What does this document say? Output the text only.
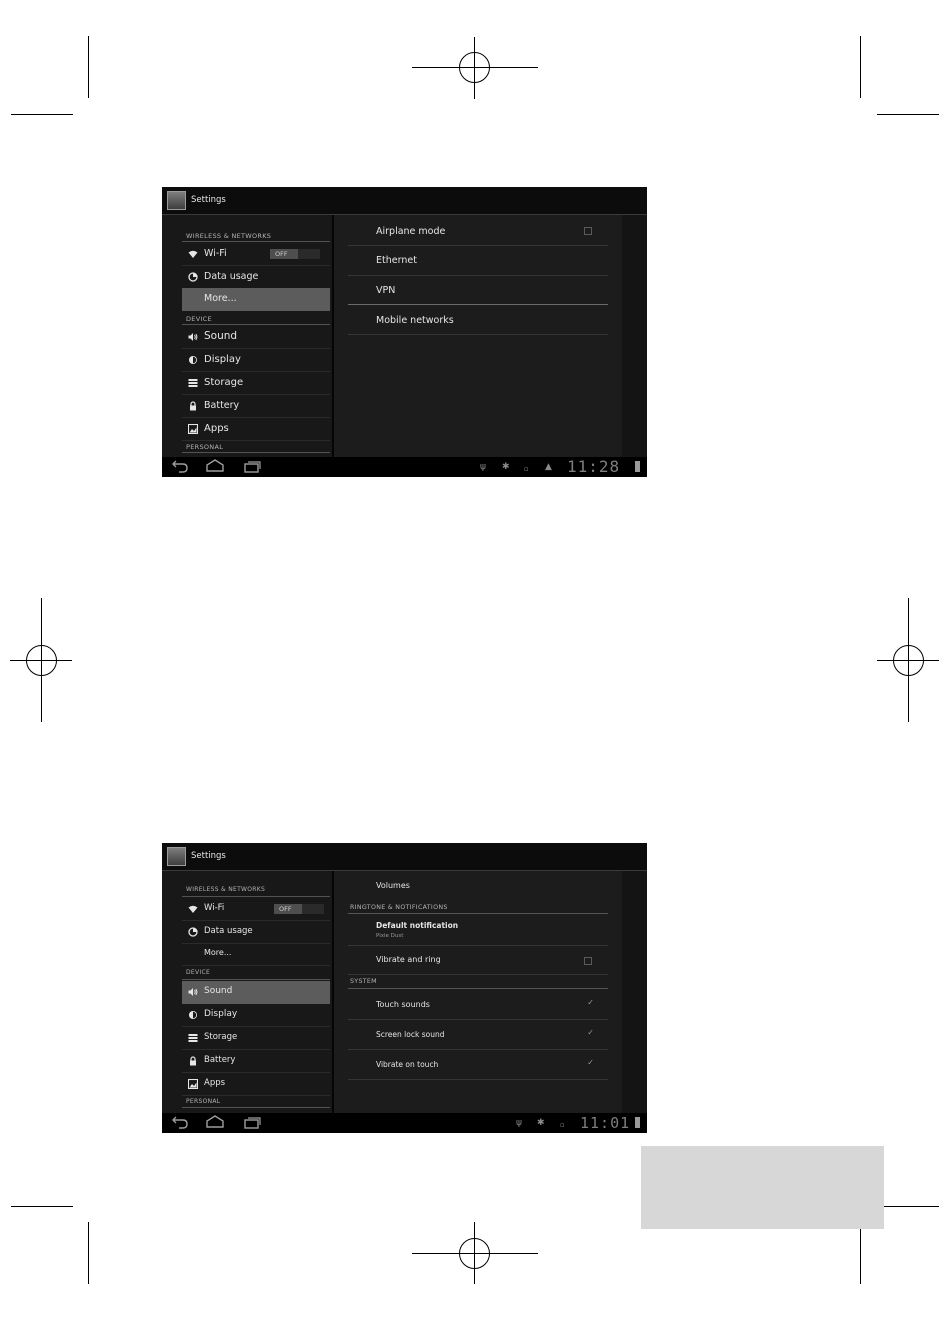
Settings
WIRELESS & NETWORKS
Wi-Fi	OFF
Data usage
More...
DEVICE
Sound
Display
Storage
Battery
Apps
PERSONAL
Airplane mode
Ethernet
VPN
Mobile networks
ψ ✱ ▫ ▲ 11:28
Settings
WIRELESS & NETWORKS
Wi-Fi	OFF
Data usage
More...
DEVICE
Sound
Display
Storage
Battery
Apps
PERSONAL
Volumes
RINGTONE & NOTIFICATIONS
Default notification
Pixie Dust
Vibrate and ring
SYSTEM
Touch sounds	✓
Screen lock sound	✓
Vibrate on touch	✓
ψ ✱ ▫ 11:01
